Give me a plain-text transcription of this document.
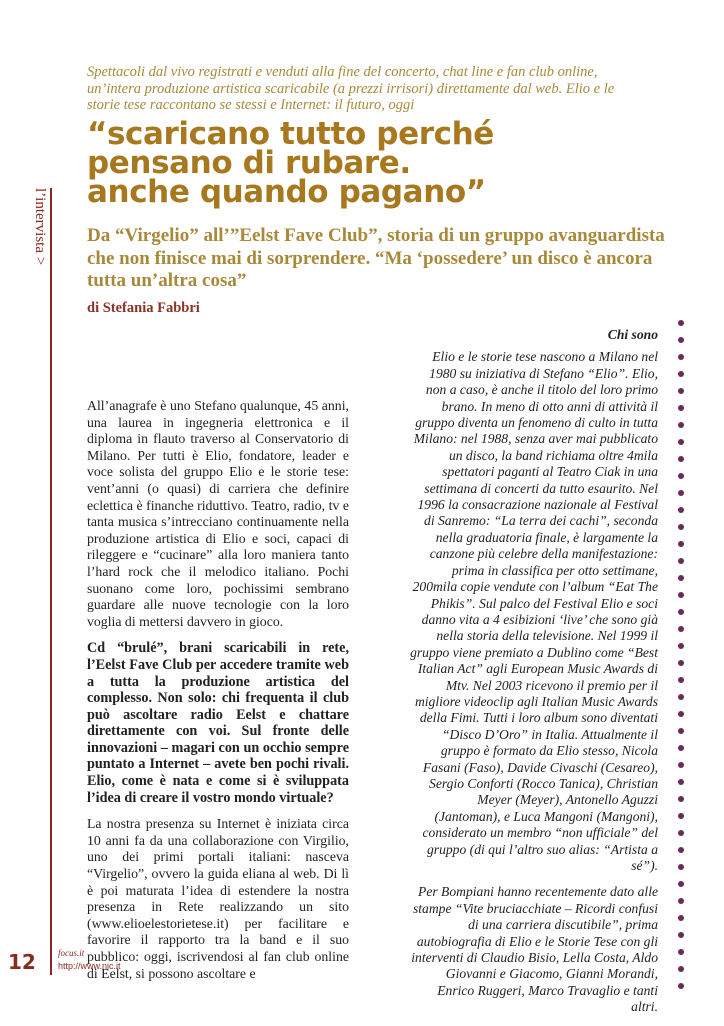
Spettacoli dal vivo registrati e venduti alla fine del concerto, chat line e fan club online, un’intera produzione artistica scaricabile (a prezzi irrisori) direttamente dal web. Elio e le storie tese raccontano se stessi e Internet: il futuro, oggi
“scaricano tutto perché
pensano di rubare.
anche quando pagano”
Da “Virgelio” all’”Eelst Fave Club”, storia di un gruppo avanguardista che non finisce mai di sorprendere. “Ma ‘possedere’ un disco è ancora tutta un’altra cosa”
di Stefania Fabbri
l’intervista >

All’anagrafe è uno Stefano qualunque, 45 anni, una laurea in ingegneria elettronica e il diploma in flauto traverso al Conservatorio di Milano. Per tutti è Elio, fondatore, leader e voce solista del gruppo Elio e le storie tese: vent’anni (o quasi) di carriera che definire eclettica è financhе riduttivo. Teatro, radio, tv e tanta musica s’intrecciano continuamente nella produzione artistica di Elio e soci, capaci di rileggere e “cucinare” alla loro maniera tanto l’hard rock che il melodico italiano. Pochi suonano come loro, pochissimi sembrano guardare alle nuove tecnologie con la loro voglia di mettersi davvero in gioco.

Cd “brulé”, brani scaricabili in rete, l’Eelst Fave Club per accedere tramite web a tutta la produzione artistica del complesso. Non solo: chi frequenta il club può ascoltare radio Eelst e chattare direttamente con voi. Sul fronte delle innovazioni – magari con un occhio sempre puntato a Internet – avete ben pochi rivali. Elio, come è nata e come si è sviluppata l’idea di creare il vostro mondo virtuale?

La nostra presenza su Internet è iniziata circa 10 anni fa da una collaborazione con Virgilio, uno dei primi portali italiani: nasceva “Virgelio”, ovvero la guida eliana al web. Di lì è poi maturata l’idea di estendere la nostra presenza in Rete realizzando un sito (www.elioelestorietese.it) per facilitare e favorire il rapporto tra la band e il suo pubblico: oggi, iscrivendosi al fan club online di Eelst, si possono ascoltare e

Chi sono

Elio e le storie tese nascono a Milano nel 1980 su iniziativa di Stefano “Elio”. Elio, non a caso, è anche il titolo del loro primo brano. In meno di otto anni di attività il gruppo diventa un fenomeno di culto in tutta Milano: nel 1988, senza aver mai pubblicato un disco, la band richiama oltre 4mila spettatori paganti al Teatro Ciak in una settimana di concerti da tutto esaurito. Nel 1996 la consacrazione nazionale al Festival di Sanremo: “La terra dei cachi”, seconda nella graduatoria finale, è largamente la canzone più celebre della manifestazione: prima in classifica per otto settimane, 200mila copie vendute con l’album “Eat The Phikis”. Sul palco del Festival Elio e soci danno vita a 4 esibizioni ‘live’ che sono già nella storia della televisione. Nel 1999 il gruppo viene premiato a Dublino come “Best Italian Act” agli European Music Awards di Mtv. Nel 2003 ricevono il premio per il migliore videoclip agli Italian Music Awards della Fimi. Tutti i loro album sono diventati “Disco D’Oro” in Italia. Attualmente il gruppo è formato da Elio stesso, Nicola Fasani (Faso), Davide Civaschi (Cesareo), Sergio Conforti (Rocco Tanica), Christian Meyer (Meyer), Antonello Aguzzi (Jantoman), e Luca Mangoni (Mangoni), considerato un membro “non ufficiale” del gruppo (di qui l’altro suo alias: “Artista a sé”).

Per Bompiani hanno recentemente dato alle stampe “Vite bruciacchiate – Ricordi confusi di una carriera discutibile”, prima autobiografia di Elio e le Storie Tese con gli interventi di Claudio Bisio, Lella Costa, Aldo Giovanni e Giacomo, Gianni Morandi, Enrico Ruggeri, Marco Travaglio e tanti altri.

12 focus.it
http://www.nic.it
